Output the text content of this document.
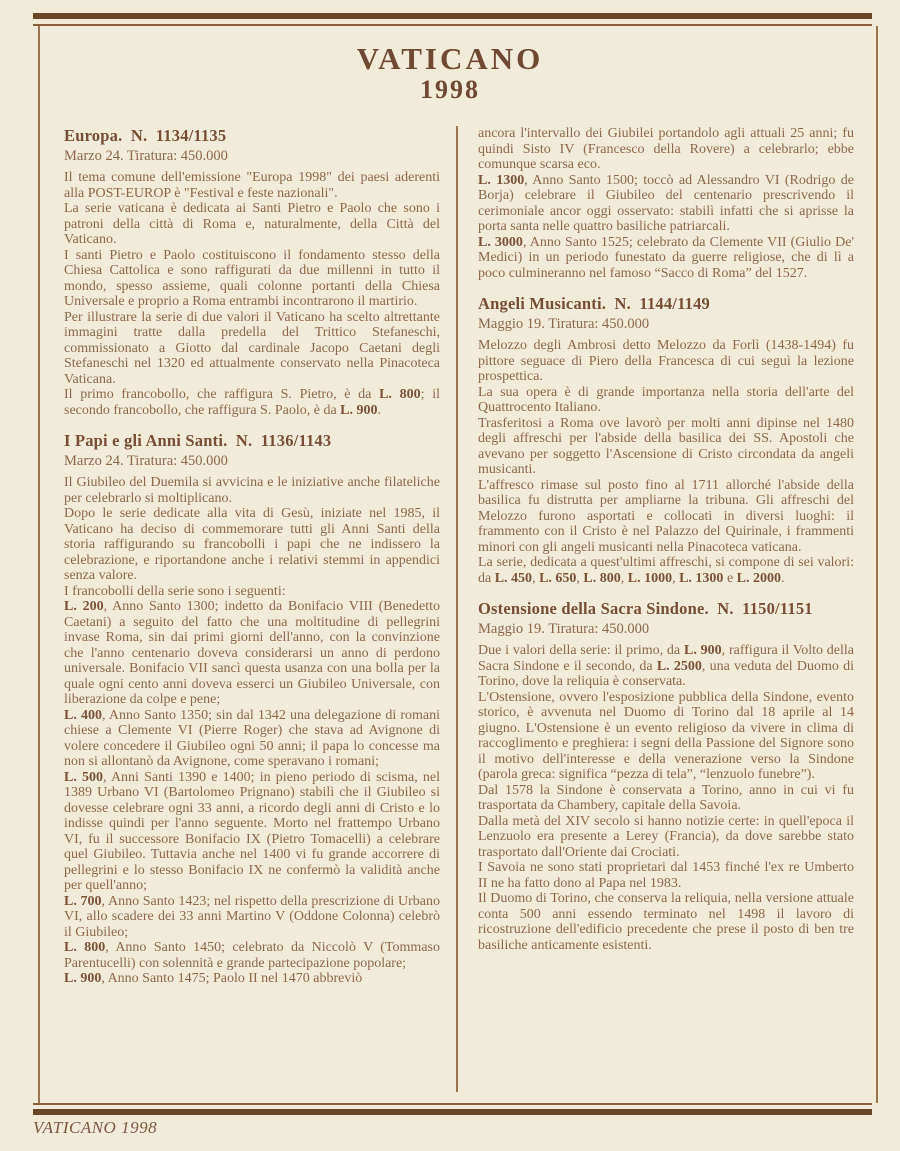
VATICANO
1998
Europa. N. 1134/1135
Marzo 24. Tiratura: 450.000

Il tema comune dell'emissione "Europa 1998" dei paesi aderenti alla POST-EUROP è "Festival e feste nazionali".

La serie vaticana è dedicata ai Santi Pietro e Paolo che sono i patroni della città di Roma e, naturalmente, della Città del Vaticano.

I santi Pietro e Paolo costituiscono il fondamento stesso della Chiesa Cattolica e sono raffigurati da due millenni in tutto il mondo, spesso assieme, quali colonne portanti della Chiesa Universale e proprio a Roma entrambi incontrarono il martirio.

Per illustrare la serie di due valori il Vaticano ha scelto altrettante immagini tratte dalla predella del Trittico Stefaneschi, commissionato a Giotto dal cardinale Jacopo Caetani degli Stefaneschi nel 1320 ed attualmente conservato nella Pinacoteca Vaticana.

Il primo francobollo, che raffigura S. Pietro, è da L. 800; il secondo francobollo, che raffigura S. Paolo, è da L. 900.

I Papi e gli Anni Santi. N. 1136/1143
Marzo 24. Tiratura: 450.000

Il Giubileo del Duemila si avvicina e le iniziative anche filateliche per celebrarlo si moltiplicano.

Dopo le serie dedicate alla vita di Gesù, iniziate nel 1985, il Vaticano ha deciso di commemorare tutti gli Anni Santi della storia raffigurando su francobolli i papi che ne indissero la celebrazione, e riportandone anche i relativi stemmi in appendici senza valore.

I francobolli della serie sono i seguenti:

L. 200, Anno Santo 1300; indetto da Bonifacio VIII (Benedetto Caetani) a seguito del fatto che una moltitudine di pellegrini invase Roma, sin dai primi giorni dell'anno, con la convinzione che l'anno centenario doveva considerarsi un anno di perdono universale. Bonifacio VII sancì questa usanza con una bolla per la quale ogni cento anni doveva esserci un Giubileo Universale, con liberazione da colpe e pene;

L. 400, Anno Santo 1350; sin dal 1342 una delegazione di romani chiese a Clemente VI (Pierre Roger) che stava ad Avignone di volere concedere il Giubileo ogni 50 anni; il papa lo concesse ma non si allontanò da Avignone, come speravano i romani;

L. 500, Anni Santi 1390 e 1400; in pieno periodo di scisma, nel 1389 Urbano VI (Bartolomeo Prignano) stabilì che il Giubileo si dovesse celebrare ogni 33 anni, a ricordo degli anni di Cristo e lo indisse quindi per l'anno seguente. Morto nel frattempo Urbano VI, fu il successore Bonifacio IX (Pietro Tomacelli) a celebrare quel Giubileo. Tuttavia anche nel 1400 vi fu grande accorrere di pellegrini e lo stesso Bonifacio IX ne confermò la validità anche per quell'anno;

L. 700, Anno Santo 1423; nel rispetto della prescrizione di Urbano VI, allo scadere dei 33 anni Martino V (Oddone Colonna) celebrò il Giubileo;

L. 800, Anno Santo 1450; celebrato da Niccolò V (Tommaso Parentucelli) con solennità e grande partecipazione popolare;

L. 900, Anno Santo 1475; Paolo II nel 1470 abbreviò

ancora l'intervallo dei Giubilei portandolo agli attuali 25 anni; fu quindi Sisto IV (Francesco della Rovere) a celebrarlo; ebbe comunque scarsa eco.

L. 1300, Anno Santo 1500; toccò ad Alessandro VI (Rodrigo de Borja) celebrare il Giubileo del centenario prescrivendo il cerimoniale ancor oggi osservato: stabilì infatti che si aprisse la porta santa nelle quattro basiliche patriarcali.

L. 3000, Anno Santo 1525; celebrato da Clemente VII (Giulio De' Medici) in un periodo funestato da guerre religiose, che di lì a poco culmineranno nel famoso “Sacco di Roma” del 1527.

Angeli Musicanti. N. 1144/1149
Maggio 19. Tiratura: 450.000

Melozzo degli Ambrosi detto Melozzo da Forlì (1438-1494) fu pittore seguace di Piero della Francesca di cui seguì la lezione prospettica.

La sua opera è di grande importanza nella storia dell'arte del Quattrocento Italiano.

Trasferitosi a Roma ove lavorò per molti anni dipinse nel 1480 degli affreschi per l'abside della basilica dei SS. Apostoli che avevano per soggetto l'Ascensione di Cristo circondata da angeli musicanti.

L'affresco rimase sul posto fino al 1711 allorché l'abside della basilica fu distrutta per ampliarne la tribuna. Gli affreschi del Melozzo furono asportati e collocati in diversi luoghi: il frammento con il Cristo è nel Palazzo del Quirinale, i frammenti minori con gli angeli musicanti nella Pinacoteca vaticana.

La serie, dedicata a quest'ultimi affreschi, si compone di sei valori: da L. 450, L. 650, L. 800, L. 1000, L. 1300 e L. 2000.

Ostensione della Sacra Sindone. N. 1150/1151
Maggio 19. Tiratura: 450.000

Due i valori della serie: il primo, da L. 900, raffigura il Volto della Sacra Sindone e il secondo, da L. 2500, una veduta del Duomo di Torino, dove la reliquia è conservata.

L'Ostensione, ovvero l'esposizione pubblica della Sindone, evento storico, è avvenuta nel Duomo di Torino dal 18 aprile al 14 giugno. L'Ostensione è un evento religioso da vivere in clima di raccoglimento e preghiera: i segni della Passione del Signore sono il motivo dell'interesse e della venerazione verso la Sindone (parola greca: significa “pezza di tela”, “lenzuolo funebre”).

Dal 1578 la Sindone è conservata a Torino, anno in cui vi fu trasportata da Chambery, capitale della Savoia.

Dalla metà del XIV secolo si hanno notizie certe: in quell'epoca il Lenzuolo era presente a Lerey (Francia), da dove sarebbe stato trasportato dall'Oriente dai Crociati.

I Savoia ne sono stati proprietari dal 1453 finché l'ex re Umberto II ne ha fatto dono al Papa nel 1983.

Il Duomo di Torino, che conserva la reliquia, nella versione attuale conta 500 anni essendo terminato nel 1498 il lavoro di ricostruzione dell'edificio precedente che prese il posto di ben tre basiliche anticamente esistenti.

VATICANO 1998
